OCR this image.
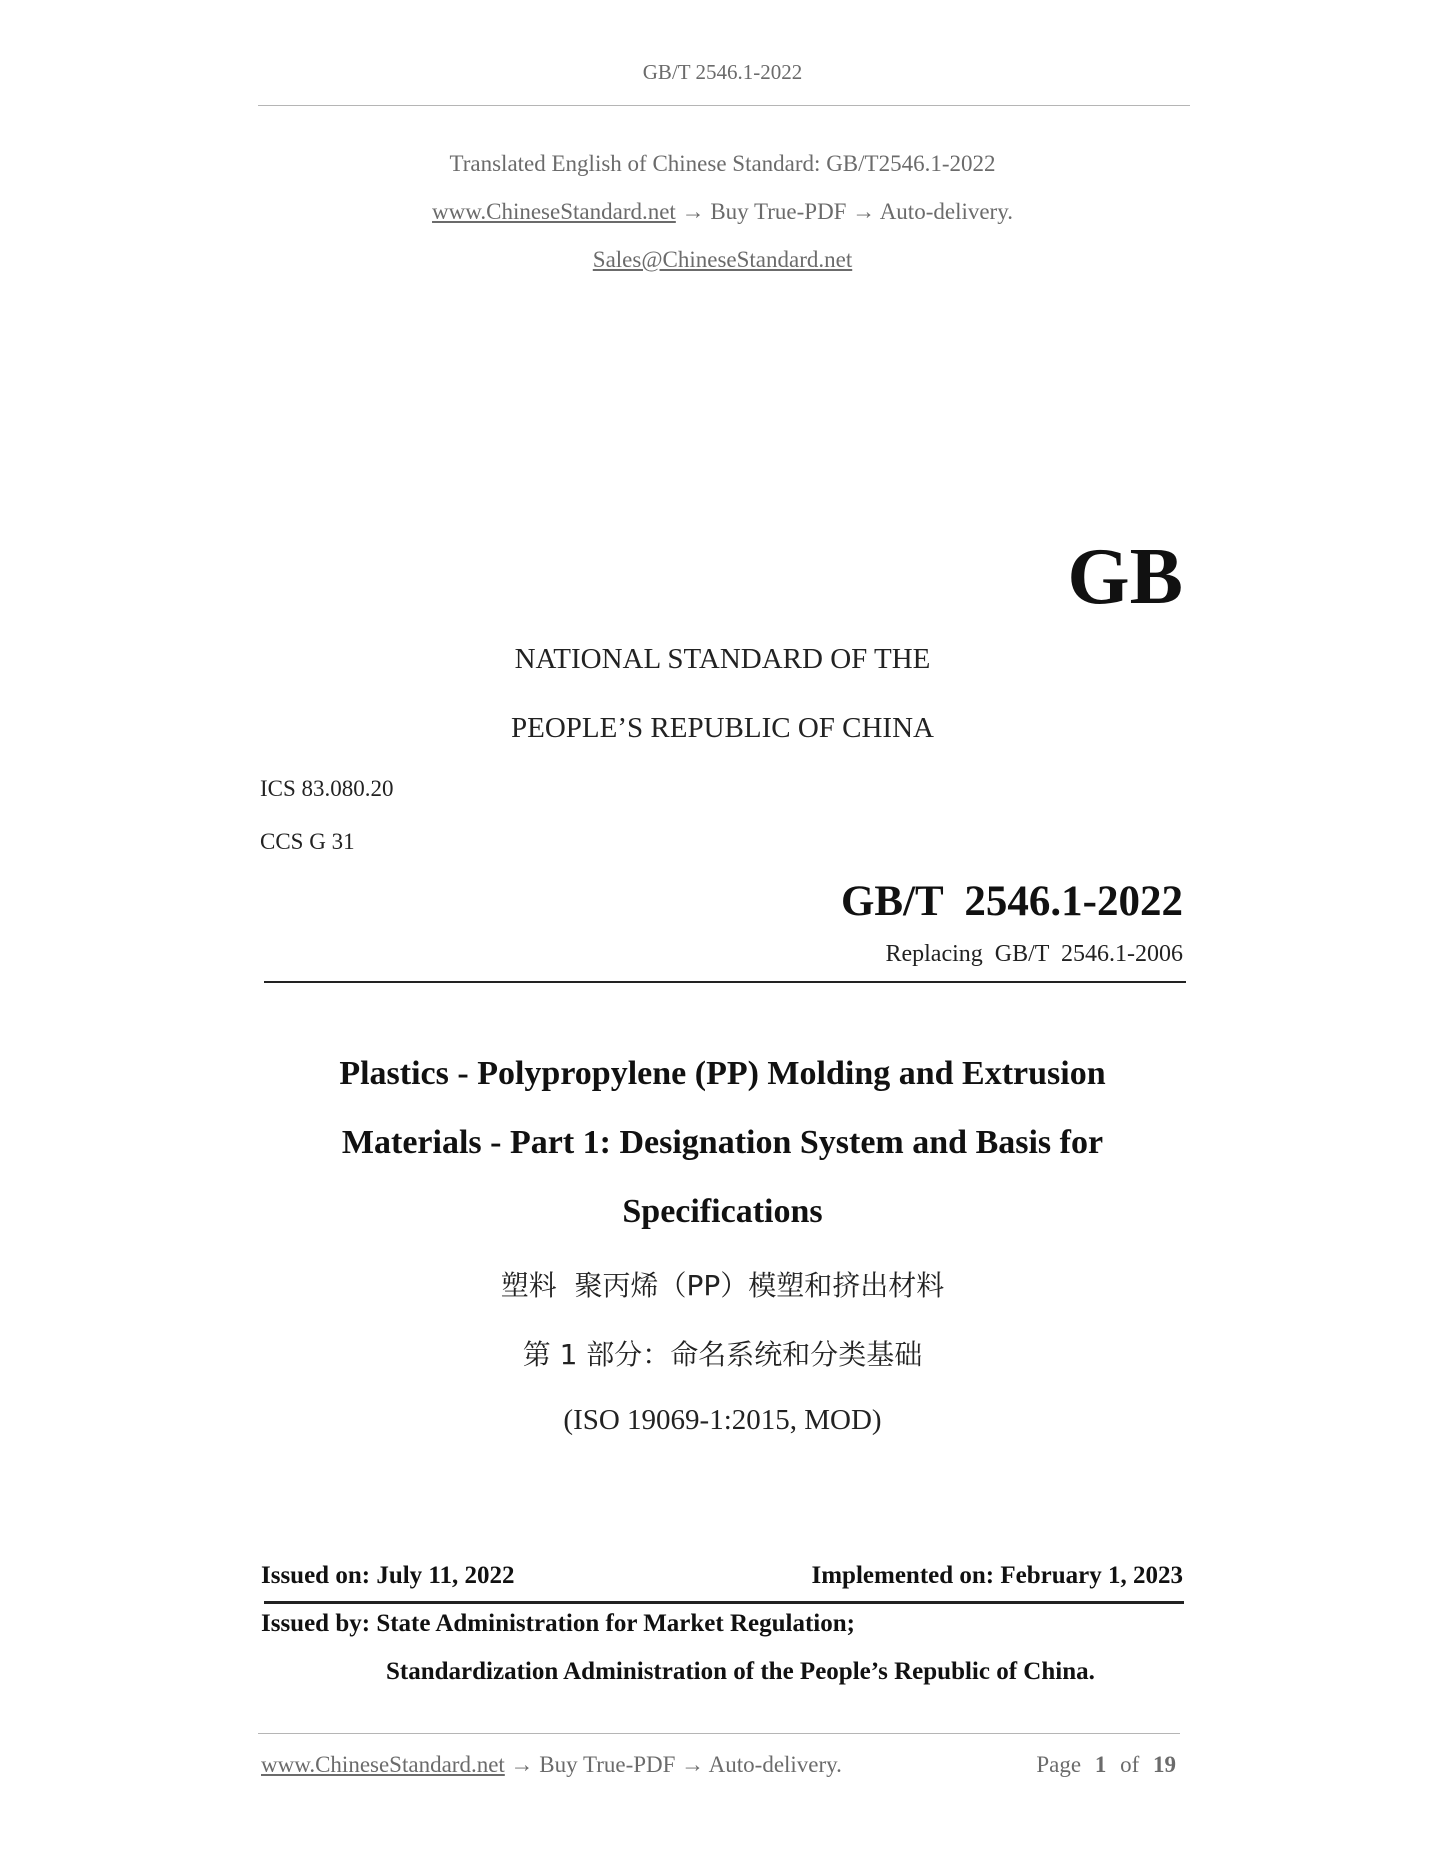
GB/T 2546.1-2022
Translated English of Chinese Standard: GB/T2546.1-2022
www.ChineseStandard.net → Buy True-PDF → Auto-delivery.
Sales@ChineseStandard.net
GB
NATIONAL STANDARD OF THE
PEOPLE’S REPUBLIC OF CHINA
ICS 83.080.20
CCS G 31
GB/T  2546.1-2022
Replacing  GB/T  2546.1-2006
Plastics - Polypropylene (PP) Molding and Extrusion
Materials - Part 1: Designation System and Basis for
Specifications
塑料  聚丙烯（PP）模塑和挤出材料
第 1 部分：命名系统和分类基础
(ISO 19069-1:2015, MOD)
Issued on: July 11, 2022	Implemented on: February 1, 2023
Issued by: State Administration for Market Regulation;
Standardization Administration of the People’s Republic of China.
www.ChineseStandard.net → Buy True-PDF → Auto-delivery.	Page 1 of 19
